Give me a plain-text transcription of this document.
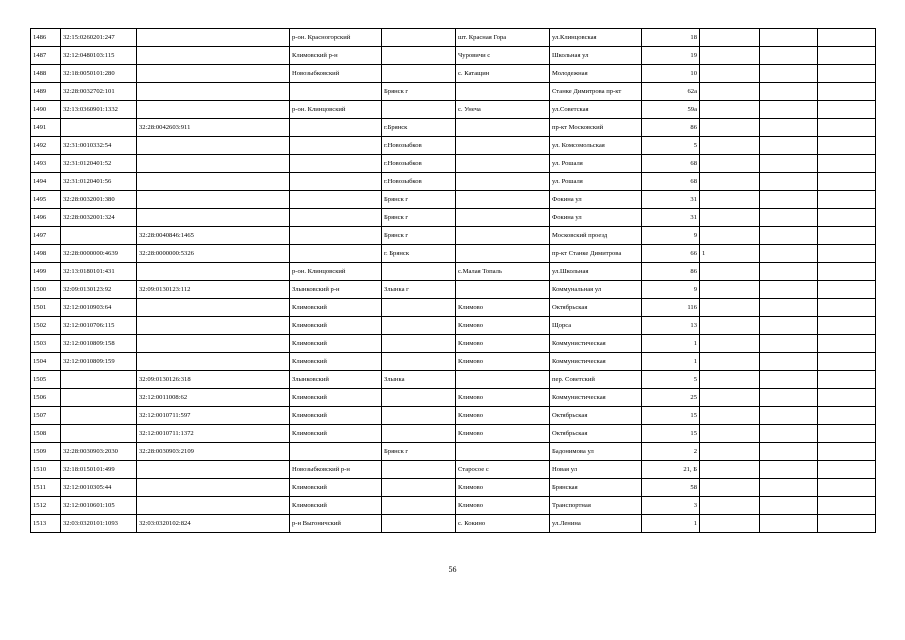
1486	32:15:0260201:247		р-он. Красногорский		шт. Красная Гора	ул.Клинцовская	18			
1487	32:12:0480103:115		Климовский р-н		Чуровичи с	Школьная ул	19			
1488	32:18:0050101:280		Новозыбковский		с. Катащин	Молодежная	10			
1489	32:28:0032702:101			Брянск г		Станке Димитрова пр-кт	62а			
1490	32:13:0360901:1332		р-он. Клинцовский		с. Унеча	ул.Советская	59а			
1491		32:28:0042603:911		г.Брянск		пр-кт Московский	86			
1492	32:31:0010332:54			г.Новозыбков		ул. Комсомольская	5			
1493	32:31:0120401:52			г.Новозыбков		ул. Рошаля	68			
1494	32:31:0120401:56			г.Новозыбков		ул. Рошаля	68			
1495	32:28:0032001:380			Брянск г		Фокина ул	31			
1496	32:28:0032001:324			Брянск г		Фокина ул	31			
1497		32:28:0040846:1465		Брянск г		Московский проезд	9			
1498	32:28:0000000:4639	32:28:0000000:5326		г. Брянск		пр-кт Станке Димитрова	66	1		
1499	32:13:0180101:431		р-он. Клинцовский		с.Малая Топаль	ул.Школьная	86			
1500	32:09:0130123:92	32:09:0130123:112	Злынковский р-н	Злынка г		Коммунальная ул	9			
1501	32:12:0010903:64		Климовский		Климово	Октябрьская	116			
1502	32:12:0010706:115		Климовский		Климово	Щорса	13			
1503	32:12:0010809:158		Климовский		Климово	Коммунистическая	1			
1504	32:12:0010809:159		Климовский		Климово	Коммунистическая	1			
1505		32:09:0130126:318	Злынковский	Злынка		пер. Советский	5			
1506		32:12:0011008:62	Климовский		Климово	Коммунистическая	25			
1507		32:12:0010711:597	Климовский		Климово	Октябрьская	15			
1508		32:12:0010711:1372	Климовский		Климово	Октябрьская	15			
1509	32:28:0030903:2030	32:28:0030903:2109		Брянск г		Бадонимова ул	2			
1510	32:18:0150101:499		Новозыбковский р-н		Старосое с	Новая ул	21, Б			
1511	32:12:0010305:44		Климовский		Климово	Брянская	58			
1512	32:12:0010601:105		Климовский		Климово	Транспортная	3			
1513	32:03:0320101:1093	32:03:0320102:824	р-н Выгоничский		с. Кокино	ул.Ленина	1			
56
